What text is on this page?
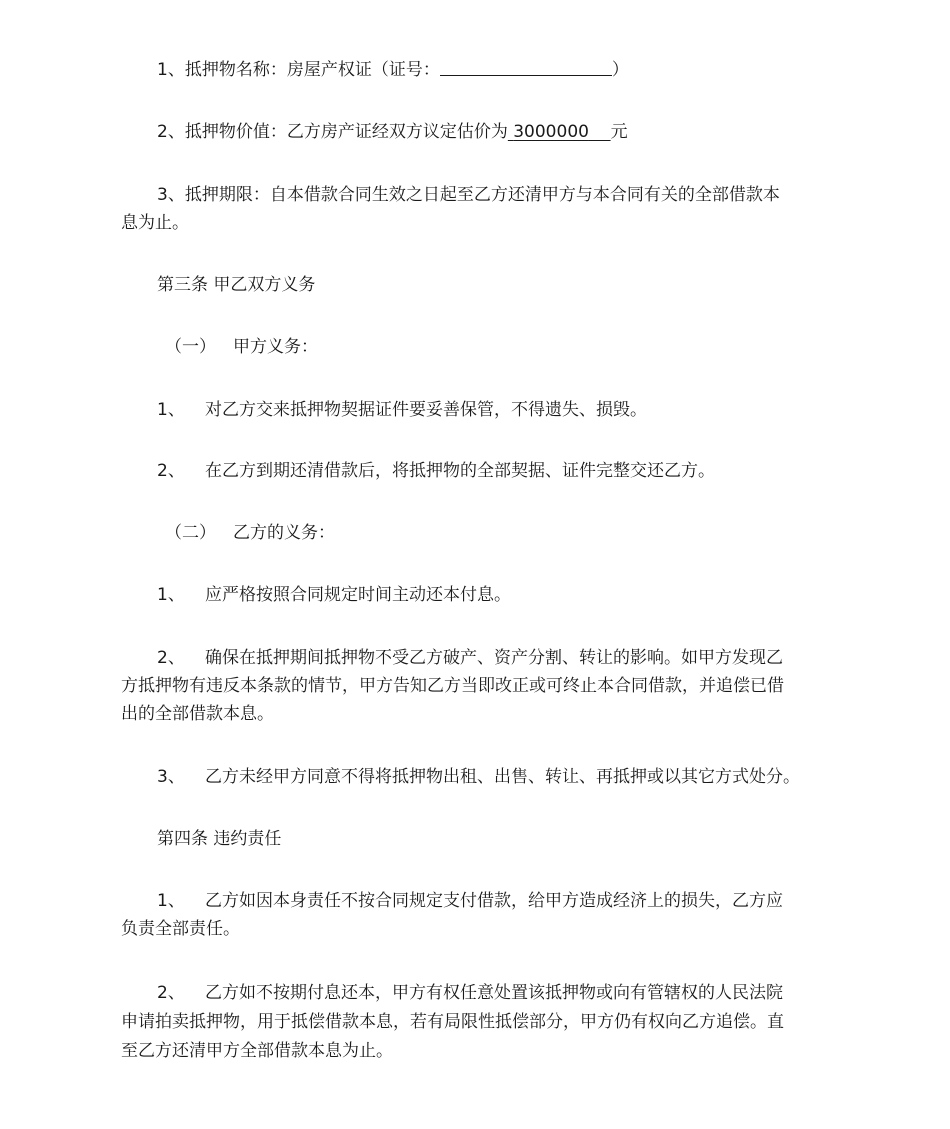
1、抵押物名称：房屋产权证（证号：	）

2、抵押物价值：乙方房产证经双方议定估价为 3000000 元

3、抵押期限：自本借款合同生效之日起至乙方还清甲方与本合同有关的全部借款本

息为止。

第三条 甲乙双方义务

（一） 甲方义务：

1、 对乙方交来抵押物契据证件要妥善保管，不得遗失、损毁。

2、 在乙方到期还清借款后，将抵押物的全部契据、证件完整交还乙方。

（二） 乙方的义务：

1、 应严格按照合同规定时间主动还本付息。

2、 确保在抵押期间抵押物不受乙方破产、资产分割、转让的影响。如甲方发现乙

方抵押物有违反本条款的情节，甲方告知乙方当即改正或可终止本合同借款，并追偿已借

出的全部借款本息。

3、 乙方未经甲方同意不得将抵押物出租、出售、转让、再抵押或以其它方式处分。

第四条 违约责任

1、 乙方如因本身责任不按合同规定支付借款，给甲方造成经济上的损失，乙方应

负责全部责任。

2、 乙方如不按期付息还本，甲方有权任意处置该抵押物或向有管辖权的人民法院

申请拍卖抵押物，用于抵偿借款本息，若有局限性抵偿部分，甲方仍有权向乙方追偿。直

至乙方还清甲方全部借款本息为止。
